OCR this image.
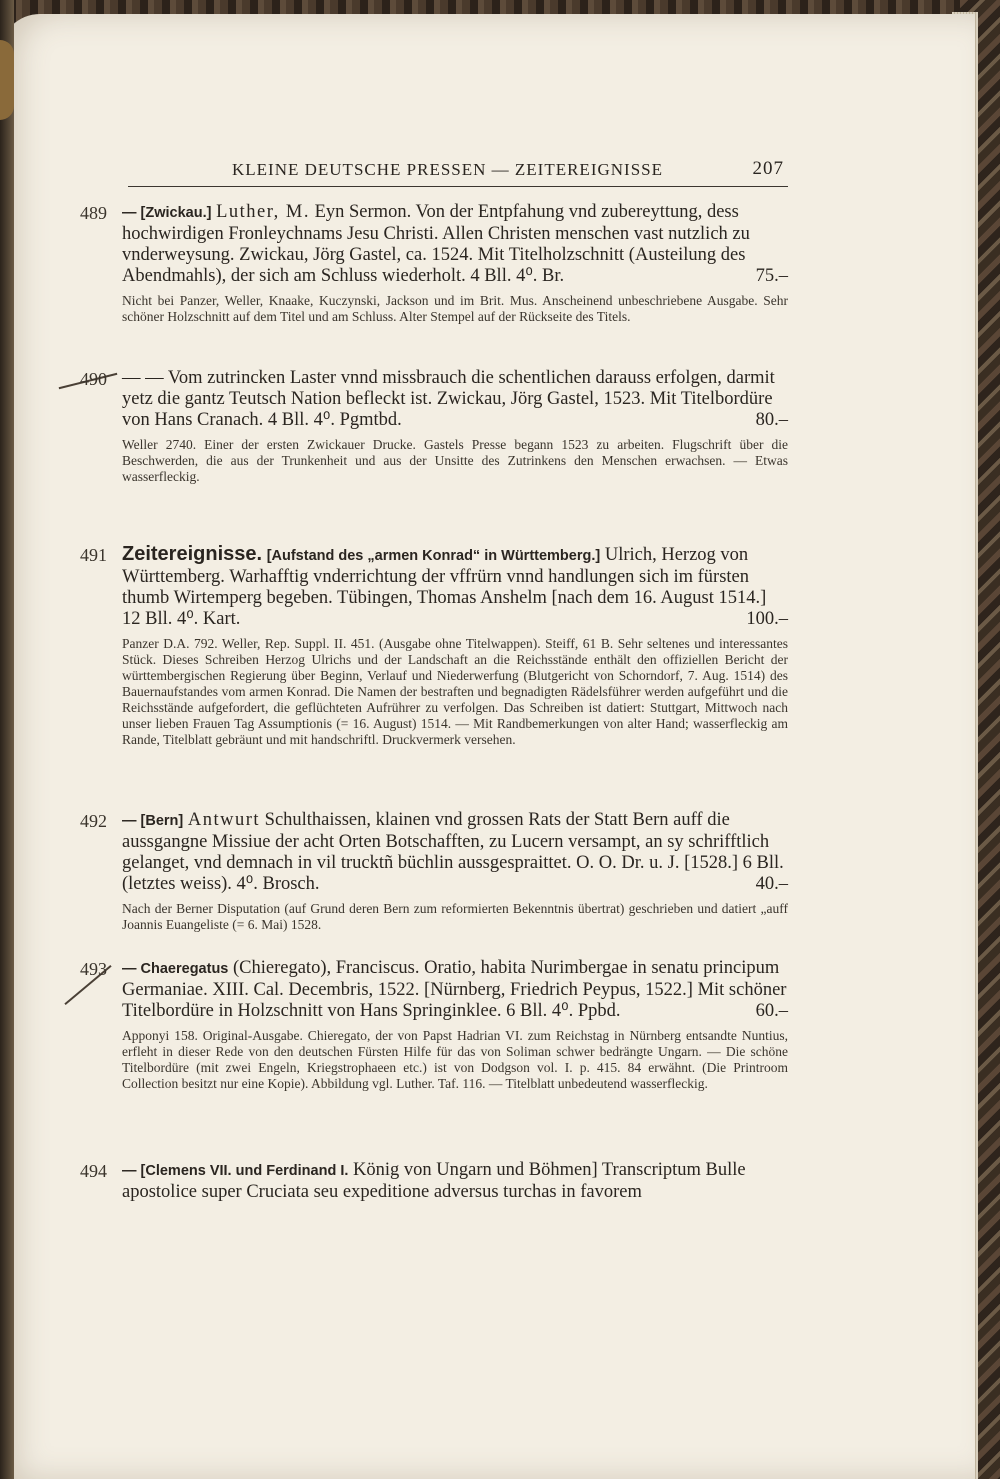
KLEINE DEUTSCHE PRESSEN — ZEITEREIGNISSE	207
489	— [Zwickau.] Luther, M. Eyn Sermon. Von der Entpfahung vnd zubereyttung, dess hochwirdigen Fronleychnams Jesu Christi. Allen Christen menschen vast nutzlich zu vnderweysung. Zwickau, Jörg Gastel, ca. 1524. Mit Titelholzschnitt (Austeilung des Abendmahls), der sich am Schluss wiederholt. 4 Bll. 4⁰. Br.	75.–
Nicht bei Panzer, Weller, Knaake, Kuczynski, Jackson und im Brit. Mus. Anscheinend unbeschriebene Ausgabe. Sehr schöner Holzschnitt auf dem Titel und am Schluss. Alter Stempel auf der Rückseite des Titels.
490 — — Vom zutrincken Laster vnnd missbrauch die schentlichen darauss erfolgen, darmit yetz die gantz Teutsch Nation befleckt ist. Zwickau, Jörg Gastel, 1523. Mit Titelbordüre von Hans Cranach. 4 Bll. 4⁰. Pgmtbd.	80.–
Weller 2740. Einer der ersten Zwickauer Drucke. Gastels Presse begann 1523 zu arbeiten. Flugschrift über die Beschwerden, die aus der Trunkenheit und aus der Unsitte des Zutrinkens den Menschen erwachsen. — Etwas wasserfleckig.
491 Zeitereignisse. [Aufstand des „armen Konrad“ in Württemberg.] Ulrich, Herzog von Württemberg. Warhafftig vnderrichtung der vffrürn vnnd handlungen sich im fürsten thumb Wirtemperg begeben. Tübingen, Thomas Anshelm [nach dem 16. August 1514.] 12 Bll. 4⁰. Kart.	100.–
Panzer D.A. 792. Weller, Rep. Suppl. II. 451. (Ausgabe ohne Titelwappen). Steiff, 61 B. Sehr seltenes und interessantes Stück. Dieses Schreiben Herzog Ulrichs und der Landschaft an die Reichsstände enthält den offiziellen Bericht der württembergischen Regierung über Beginn, Verlauf und Niederwerfung (Blutgericht von Schorndorf, 7. Aug. 1514) des Bauernaufstandes vom armen Konrad. Die Namen der bestraften und begnadigten Rädelsführer werden aufgeführt und die Reichsstände aufgefordert, die geflüchteten Aufrührer zu verfolgen. Das Schreiben ist datiert: Stuttgart, Mittwoch nach unser lieben Frauen Tag Assumptionis (= 16. August) 1514. — Mit Randbemerkungen von alter Hand; wasserfleckig am Rande, Titelblatt gebräunt und mit handschriftl. Druckvermerk versehen.
492	— [Bern] Antwurt Schulthaissen, klainen vnd grossen Rats der Statt Bern auff die aussgangne Missiue der acht Orten Botschafften, zu Lucern versampt, an sy schrifftlich gelanget, vnd demnach in vil trucktñ büchlin aussgespraittet. O. O. Dr. u. J. [1528.] 6 Bll. (letztes weiss). 4⁰. Brosch.	40.–
Nach der Berner Disputation (auf Grund deren Bern zum reformierten Bekenntnis übertrat) geschrieben und datiert „auff Joannis Euangeliste (= 6. Mai) 1528.
493	— Chaeregatus (Chieregato), Franciscus. Oratio, habita Nurimbergae in senatu principum Germaniae. XIII. Cal. Decembris, 1522. [Nürnberg, Friedrich Peypus, 1522.] Mit schöner Titelbordüre in Holzschnitt von Hans Springinklee. 6 Bll. 4⁰. Ppbd.	60.–
Apponyi 158. Original-Ausgabe. Chieregato, der von Papst Hadrian VI. zum Reichstag in Nürnberg entsandte Nuntius, erfleht in dieser Rede von den deutschen Fürsten Hilfe für das von Soliman schwer bedrängte Ungarn. — Die schöne Titelbordüre (mit zwei Engeln, Kriegstrophaeen etc.) ist von Dodgson vol. I. p. 415. 84 erwähnt. (Die Printroom Collection besitzt nur eine Kopie). Abbildung vgl. Luther. Taf. 116. — Titelblatt unbedeutend wasserfleckig.
494	— [Clemens VII. und Ferdinand I. König von Ungarn und Böhmen] Transcriptum Bulle apostolice super Cruciata seu expeditione adversus turchas in favorem
